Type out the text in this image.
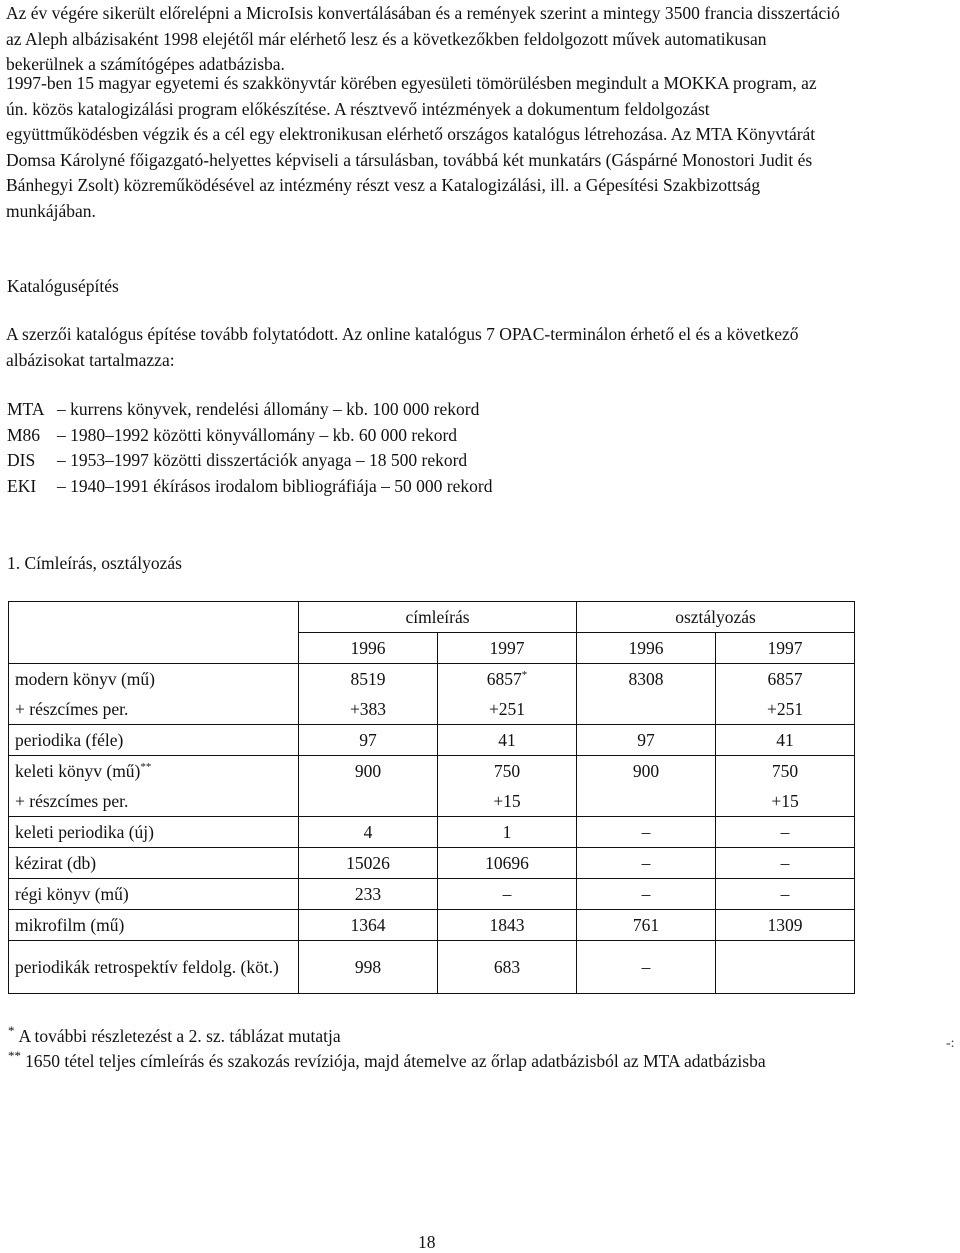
Az év végére sikerült előrelépni a MicroIsis konvertálásában és a remények szerint a mintegy 3500 francia disszertáció az Aleph albázisaként 1998 elejétől már elérhető lesz és a következőkben feldolgozott művek automatikusan bekerülnek a számítógépes adatbázisba.

1997-ben 15 magyar egyetemi és szakkönyvtár körében egyesületi tömörülésben megindult a MOKKA program, az ún. közös katalogizálási program előkészítése. A résztvevő intézmények a dokumentum feldolgozást együttműködésben végzik és a cél egy elektronikusan elérhető országos katalógus létrehozása. Az MTA Könyvtárát Domsa Károlyné főigazgató-helyettes képviseli a társulásban, továbbá két munkatárs (Gáspárné Monostori Judit és Bánhegyi Zsolt) közreműködésével az intézmény részt vesz a Katalogizálási, ill. a Gépesítési Szakbizottság munkájában.

Katalógusépítés

A szerzői katalógus építése tovább folytatódott. Az online katalógus 7 OPAC-terminálon érhető el és a következő albázisokat tartalmazza:

MTA – kurrens könyvek, rendelési állomány – kb. 100 000 rekord
M86 – 1980–1992 közötti könyvállomány – kb. 60 000 rekord
DIS – 1953–1997 közötti disszertációk anyaga – 18 500 rekord
EKI – 1940–1991 ékírásos irodalom bibliográfiája – 50 000 rekord

1. Címleírás, osztályozás

	címleírás		osztályozás	
	1996	1997	1996	1997
modern könyv (mű)	8519	6857*	8308	6857
+ részcímes per.	+383	+251		+251
periodika (féle)	97	41	97	41
keleti könyv (mű)**	900	750	900	750
+ részcímes per.		+15		+15
keleti periodika (új)	4	1	–	–
kézirat (db)	15026	10696	–	–
régi könyv (mű)	233	–	–	–
mikrofilm (mű)	1364	1843	761	1309
periodikák retrospektív feldolg. (köt.)	998	683	–	

* A további részletezést a 2. sz. táblázat mutatja

** 1650 tétel teljes címleírás és szakozás revíziója, majd átemelve az őrlap adatbázisból az MTA adatbázisba

-:
18
